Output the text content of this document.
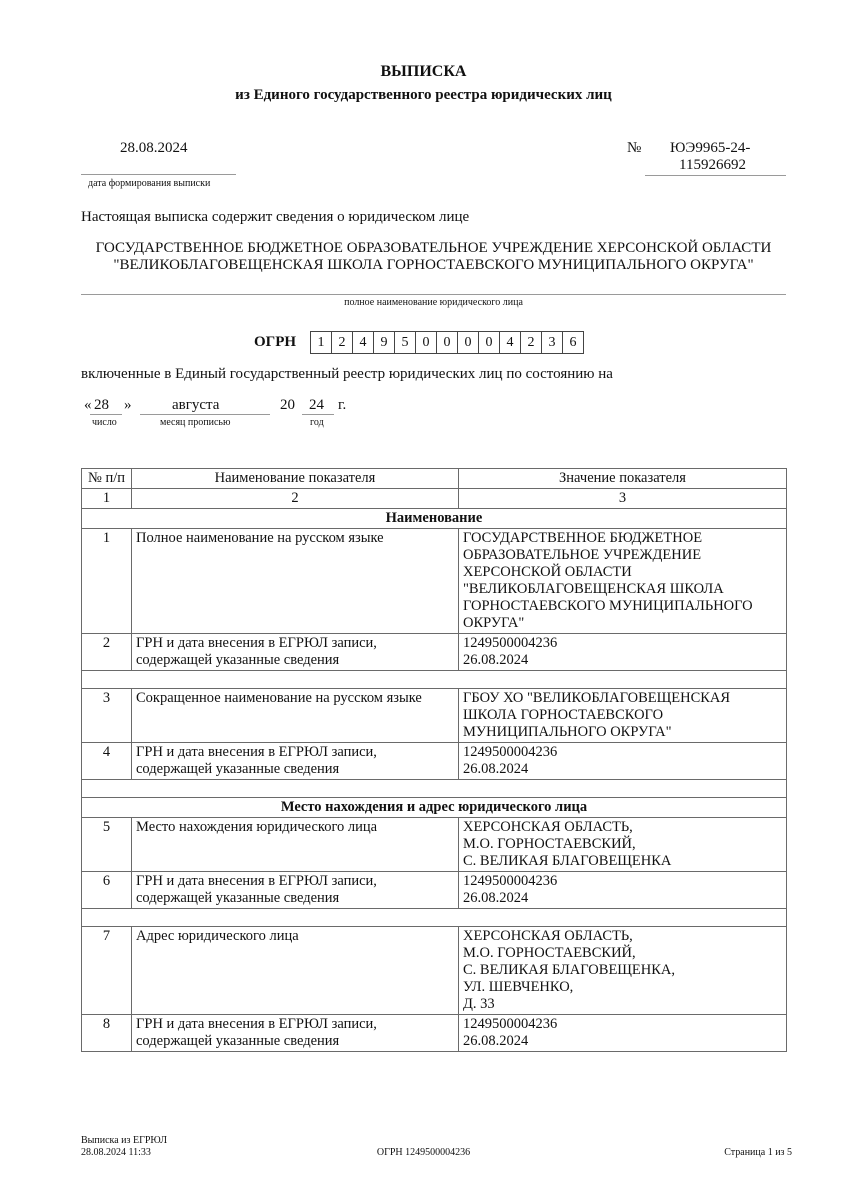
ВЫПИСКА
из Единого государственного реестра юридических лиц
28.08.2024
дата формирования выписки
№ ЮЭ9965-24-
115926692
Настоящая выписка содержит сведения о юридическом лице
ГОСУДАРСТВЕННОЕ БЮДЖЕТНОЕ ОБРАЗОВАТЕЛЬНОЕ УЧРЕЖДЕНИЕ ХЕРСОНСКОЙ ОБЛАСТИ "ВЕЛИКОБЛАГОВЕЩЕНСКАЯ ШКОЛА ГОРНОСТАЕВСКОГО МУНИЦИПАЛЬНОГО ОКРУГА"
полное наименование юридического лица
ОГРН	1	2	4	9	5	0	0	0	0	4	2	3	6
включенные в Единый государственный реестр юридических лиц по состоянию на
« 28 »	августа	20 24 г.
число	месяц прописью	год
№ п/п	Наименование показателя	Значение показателя
1	2	3
Наименование		
1	Полное наименование на русском языке	ГОСУДАРСТВЕННОЕ БЮДЖЕТНОЕ ОБРАЗОВАТЕЛЬНОЕ УЧРЕЖДЕНИЕ ХЕРСОНСКОЙ ОБЛАСТИ "ВЕЛИКОБЛАГОВЕЩЕНСКАЯ ШКОЛА ГОРНОСТАЕВСКОГО МУНИЦИПАЛЬНОГО ОКРУГА"
2	ГРН и дата внесения в ЕГРЮЛ записи, содержащей указанные сведения	1249500004236
26.08.2024

3	Сокращенное наименование на русском языке	ГБОУ ХО "ВЕЛИКОБЛАГОВЕЩЕНСКАЯ ШКОЛА ГОРНОСТАЕВСКОГО МУНИЦИПАЛЬНОГО ОКРУГА"
4	ГРН и дата внесения в ЕГРЮЛ записи, содержащей указанные сведения	1249500004236
26.08.2024

Место нахождения и адрес юридического лица		
5	Место нахождения юридического лица	ХЕРСОНСКАЯ ОБЛАСТЬ,
М.О. ГОРНОСТАЕВСКИЙ,
С. ВЕЛИКАЯ БЛАГОВЕЩЕНКА

6	ГРН и дата внесения в ЕГРЮЛ записи, содержащей указанные сведения	1249500004236
26.08.2024

7	Адрес юридического лица	ХЕРСОНСКАЯ ОБЛАСТЬ,
М.О. ГОРНОСТАЕВСКИЙ,
С. ВЕЛИКАЯ БЛАГОВЕЩЕНКА,
УЛ. ШЕВЧЕНКО,
Д. 33

8	ГРН и дата внесения в ЕГРЮЛ записи, содержащей указанные сведения	1249500004236
26.08.2024
Выписка из ЕГРЮЛ
28.08.2024 11:33	ОГРН 1249500004236	Страница 1 из 5
